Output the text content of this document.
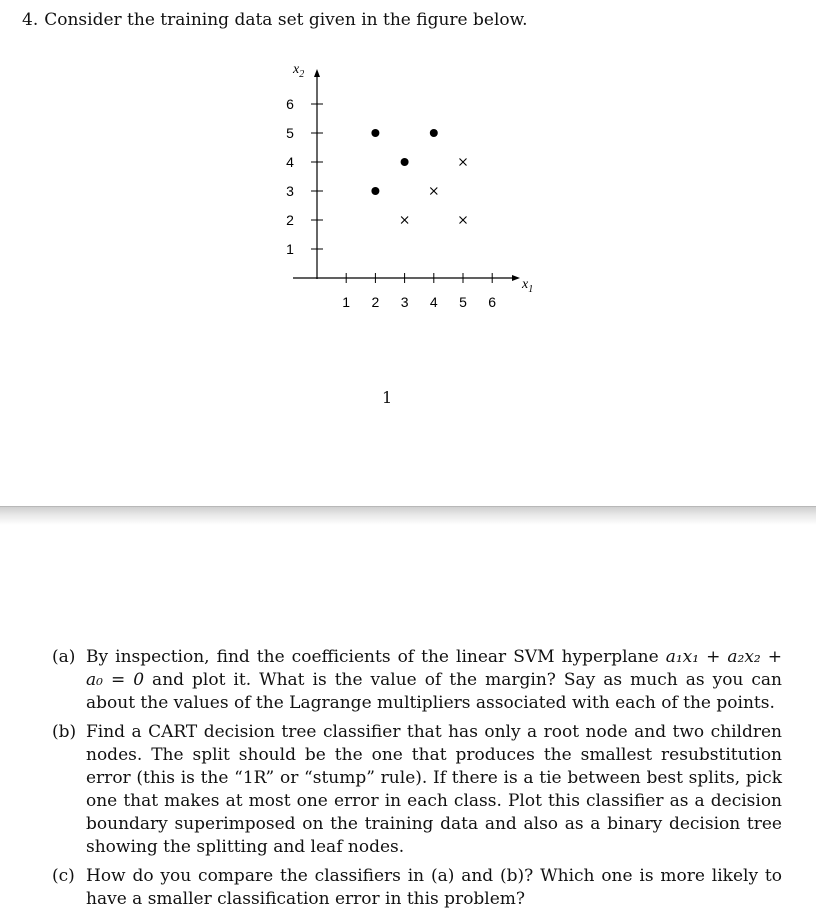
4. Consider the training data set given in the figure below.
$x_2$
$x_1$
1 2 3 4 5 6
1
2
3
4
5
6
1
(a) By inspection, find the coefficients of the linear SVM hyperplane a₁x₁ + a₂x₂ + a₀ = 0 and plot it. What is the value of the margin? Say as much as you can about the values of the Lagrange multipliers associated with each of the points.
(b) Find a CART decision tree classifier that has only a root node and two children nodes. The split should be the one that produces the smallest resubstitution error (this is the “1R” or “stump” rule). If there is a tie between best splits, pick one that makes at most one error in each class. Plot this classifier as a decision boundary superimposed on the training data and also as a binary decision tree showing the splitting and leaf nodes.
(c) How do you compare the classifiers in (a) and (b)? Which one is more likely to have a smaller classification error in this problem?
